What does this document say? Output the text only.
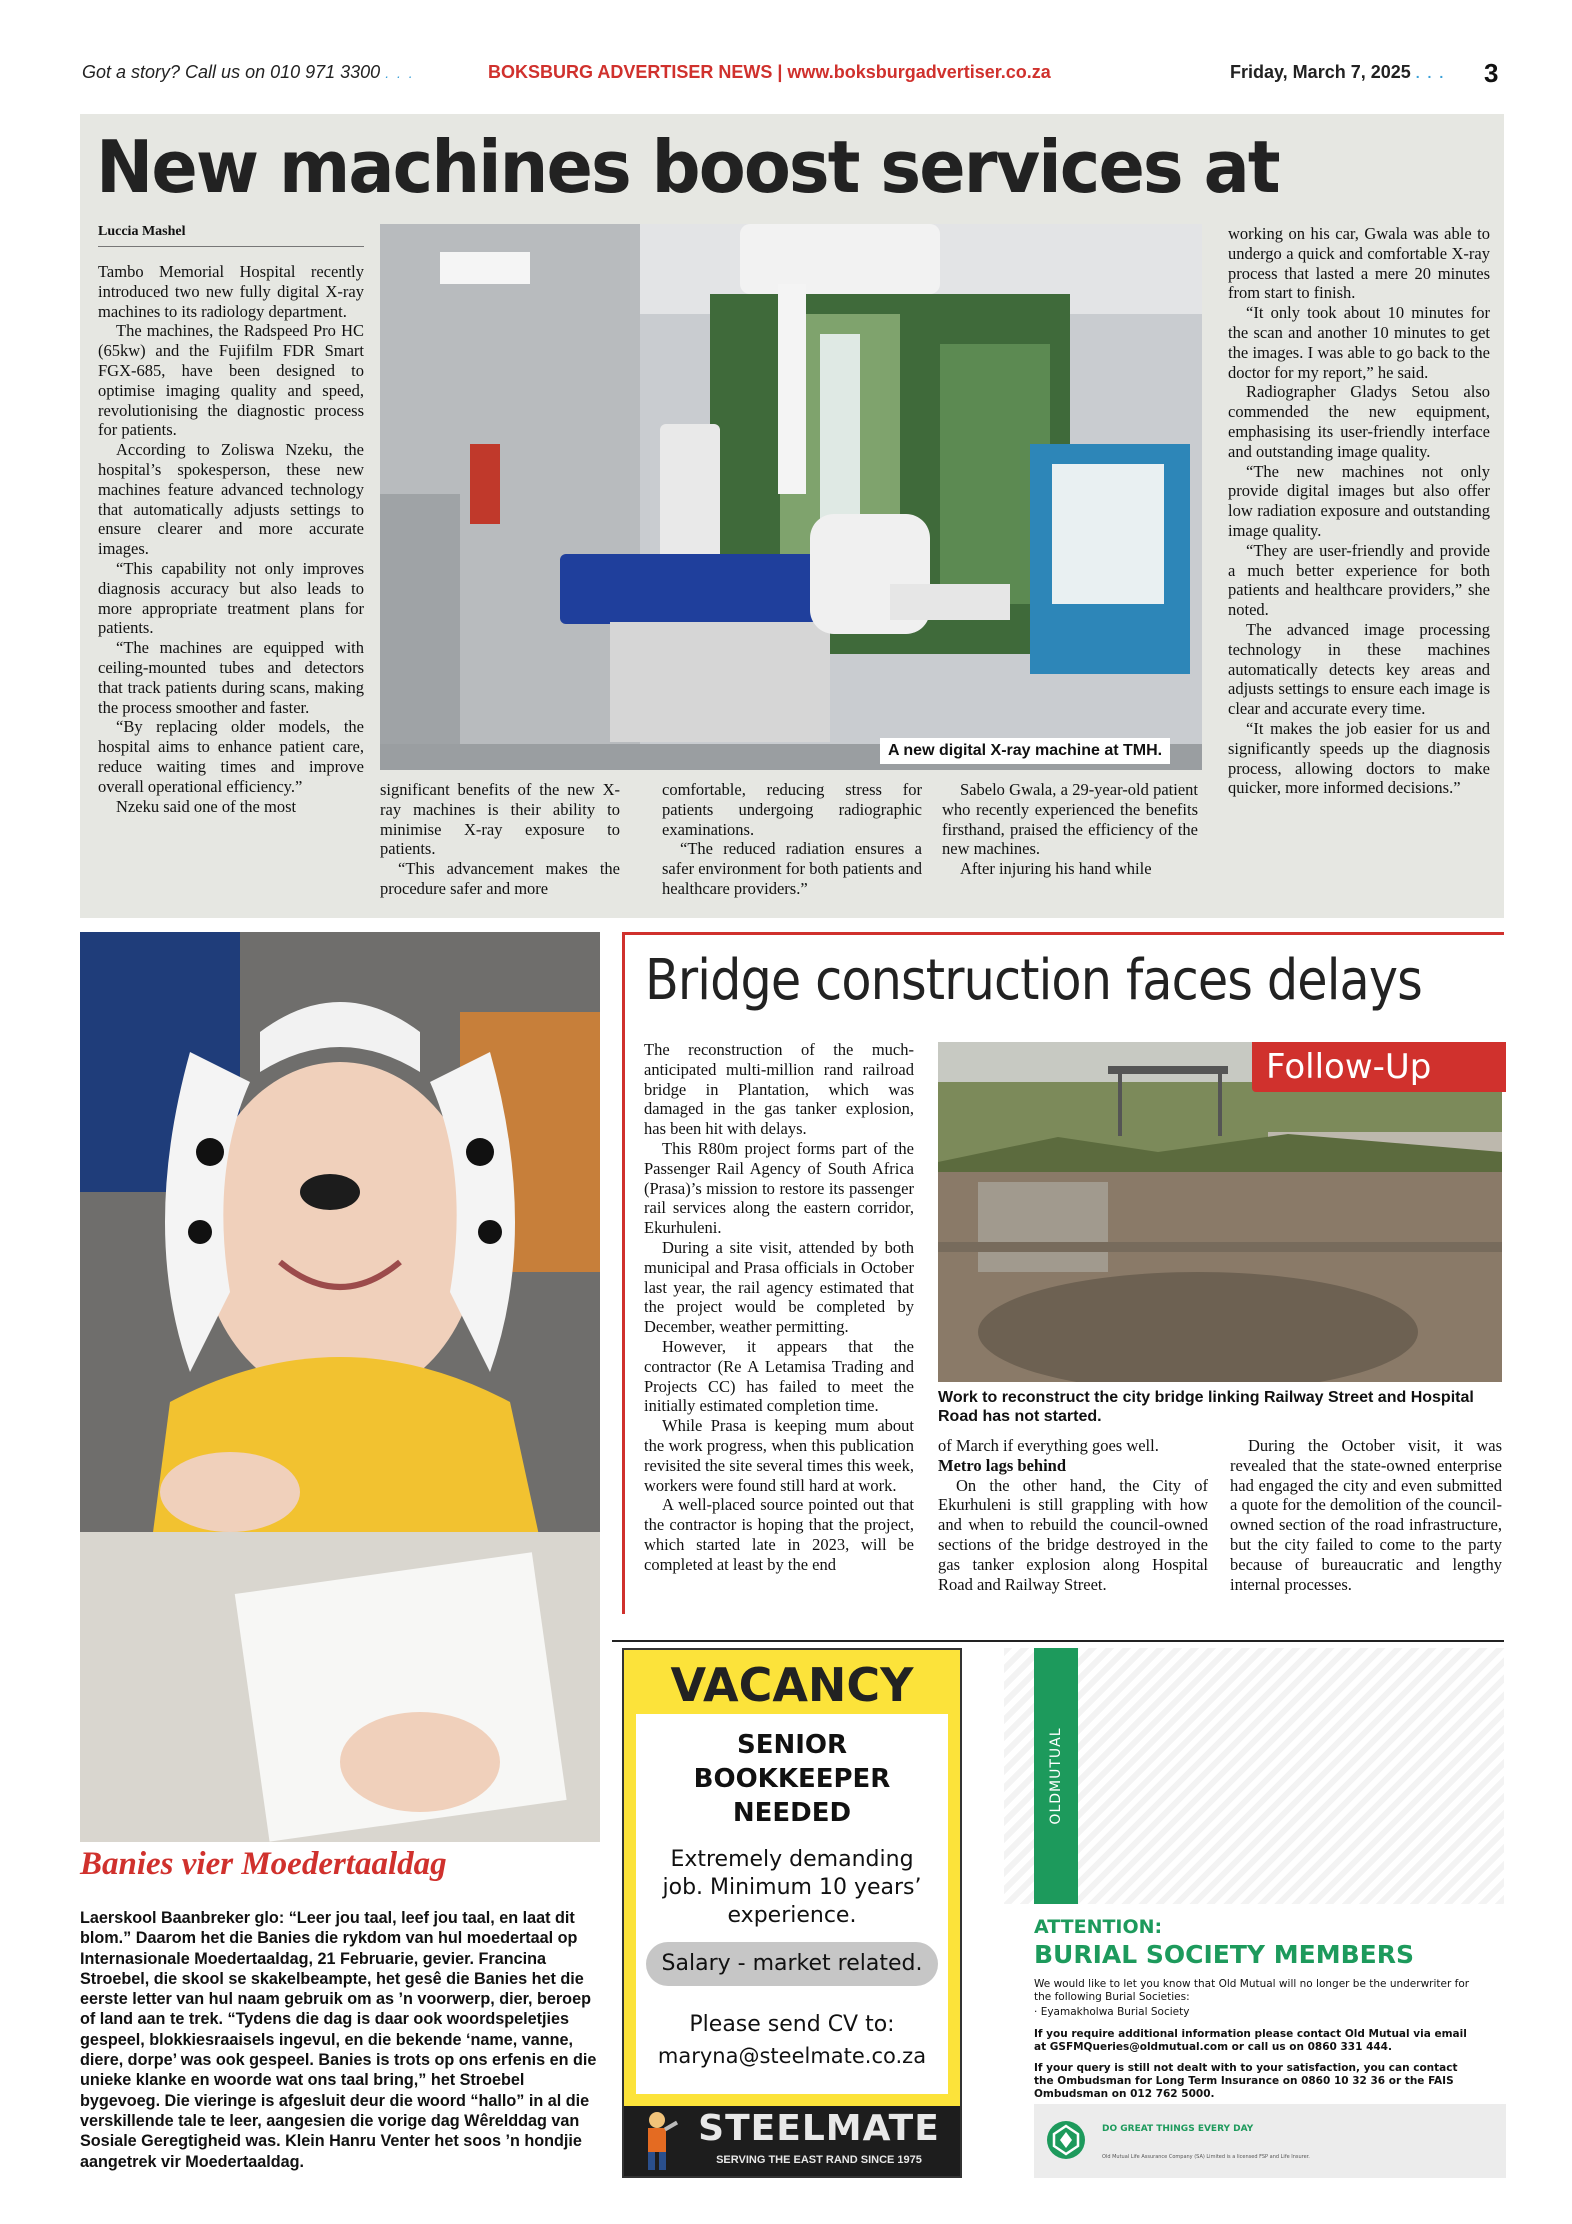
Got a story? Call us on 010 971 3300 . . .	BOKSBURG ADVERTISER NEWS | www.boksburgadvertiser.co.za	Friday, March 7, 2025 . . . 3
New machines boost services at
Luccia Mashel

Tambo Memorial Hospital recently introduced two new fully digital X-ray machines to its radiology department.

The machines, the Radspeed Pro HC (65kw) and the Fujifilm FDR Smart FGX-685, have been designed to optimise imaging quality and speed, revolutionising the diagnostic process for patients.

According to Zoliswa Nzeku, the hospital’s spokesperson, these new machines feature advanced technology that automatically adjusts settings to ensure clearer and more accurate images.

“This capability not only improves diagnosis accuracy but also leads to more appropriate treatment plans for patients.

“The machines are equipped with ceiling-mounted tubes and detectors that track patients during scans, making the process smoother and faster.

“By replacing older models, the hospital aims to enhance patient care, reduce waiting times and improve overall operational efficiency.”

Nzeku said one of the most

A new digital X-ray machine at TMH.

significant benefits of the new X-ray machines is their ability to minimise X-ray exposure to patients.

“This advancement makes the procedure safer and more

comfortable, reducing stress for patients undergoing radiographic examinations.

“The reduced radiation ensures a safer environment for both patients and healthcare providers.”

Sabelo Gwala, a 29-year-old patient who recently experienced the benefits firsthand, praised the efficiency of the new machines.

After injuring his hand while

working on his car, Gwala was able to undergo a quick and comfortable X-ray process that lasted a mere 20 minutes from start to finish.

“It only took about 10 minutes for the scan and another 10 minutes to get the images. I was able to go back to the doctor for my report,” he said.

Radiographer Gladys Setou also commended the new equipment, emphasising its user-friendly interface and outstanding image quality.

“The new machines not only provide digital images but also offer low radiation exposure and outstanding image quality.

“They are user-friendly and provide a much better experience for both patients and healthcare providers,” she noted.

The advanced image processing technology in these machines automatically detects key areas and adjusts settings to ensure each image is clear and accurate every time.

“It makes the job easier for us and significantly speeds up the diagnosis process, allowing doctors to make quicker, more informed decisions.”

Banies vier Moedertaaldag
Laerskool Baanbreker glo: “Leer jou taal, leef jou taal, en laat dit blom.” Daarom het die Banies die rykdom van hul moedertaal op Internasionale Moedertaaldag, 21 Februarie, gevier. Francina Stroebel, die skool se skakelbeampte, het gesê die Banies het die eerste letter van hul naam gebruik om as ’n voorwerp, dier, beroep of land aan te trek. “Tydens die dag is daar ook woordspeletjies gespeel, blokkiesraaisels ingevul, en die bekende ‘name, vanne, diere, dorpe’ was ook gespeel. Banies is trots op ons erfenis en die unieke klanke en woorde wat ons taal bring,” het Stroebel bygevoeg. Die vieringe is afgesluit deur die woord “hallo” in al die verskillende tale te leer, aangesien die vorige dag Wêrelddag van Sosiale Geregtigheid was. Klein Hanru Venter het soos ’n hondjie aangetrek vir Moedertaaldag.
Bridge construction faces delays

The reconstruction of the much-anticipated multi-million rand railroad bridge in Plantation, which was damaged in the gas tanker explosion, has been hit with delays.

This R80m project forms part of the Passenger Rail Agency of South Africa (Prasa)’s mission to restore its passenger rail services along the eastern corridor, Ekurhuleni.

During a site visit, attended by both municipal and Prasa officials in October last year, the rail agency estimated that the project would be completed by December, weather permitting.

However, it appears that the contractor (Re A Letamisa Trading and Projects CC) has failed to meet the initially estimated completion time.

While Prasa is keeping mum about the work progress, when this publication revisited the site several times this week, workers were found still hard at work.

A well-placed source pointed out that the contractor is hoping that the project, which started late in 2023, will be completed at least by the end

Follow-Up
Work to reconstruct the city bridge linking Railway Street and Hospital Road has not started.

of March if everything goes well.

Metro lags behind

On the other hand, the City of Ekurhuleni is still grappling with how and when to rebuild the council-owned sections of the bridge destroyed in the gas tanker explosion along Hospital Road and Railway Street.

During the October visit, it was revealed that the state-owned enterprise had engaged the city and even submitted a quote for the demolition of the council-owned section of the road infrastructure, but the city failed to come to the party because of bureaucratic and lengthy internal processes.

VACANCY
SENIOR BOOKKEEPER NEEDED
Extremely demanding job. Minimum 10 years’ experience.
Salary - market related.
Please send CV to:
maryna@steelmate.co.za
STEELMATE
SERVING THE EAST RAND SINCE 1975
OLDMUTUAL
ATTENTION:
BURIAL SOCIETY MEMBERS
We would like to let you know that Old Mutual will no longer be the underwriter for the following Burial Societies:
· Eyamakholwa Burial Society
If you require additional information please contact Old Mutual via email at GSFMQueries@oldmutual.com or call us on 0860 331 444.
If your query is still not dealt with to your satisfaction, you can contact the Ombudsman for Long Term Insurance on 0860 10 32 36 or the FAIS Ombudsman on 012 762 5000.
DO GREAT THINGS EVERY DAY
Old Mutual Life Assurance Company (SA) Limited is a licensed FSP and Life Insurer.
